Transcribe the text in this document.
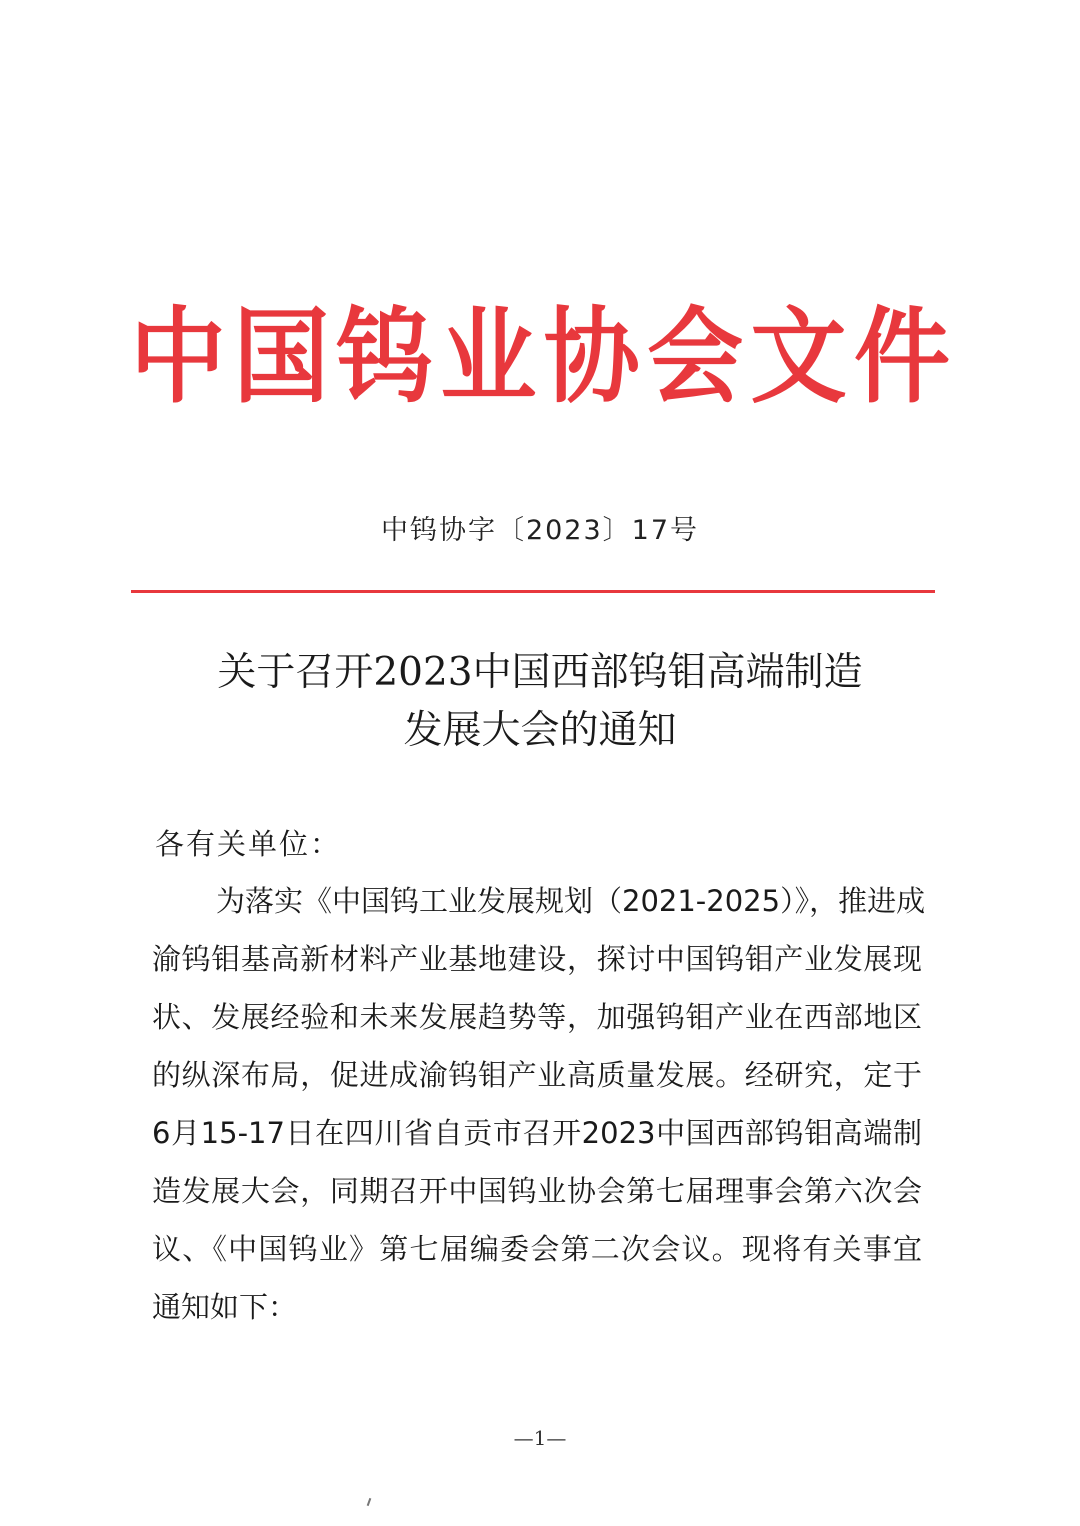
中 国 钨 业 协 会 文 件
中钨协字〔2023〕17号
关于召开2023中国西部钨钼高端制造
发展大会的通知
各有关单位：
为落实《中国钨工业发展规划（2021-2025）》，推进成
渝钨钼基高新材料产业基地建设，探讨中国钨钼产业发展现
状、发展经验和未来发展趋势等，加强钨钼产业在西部地区
的纵深布局，促进成渝钨钼产业高质量发展。经研究，定于
6月15-17日在四川省自贡市召开2023中国西部钨钼高端制
造发展大会，同期召开中国钨业协会第七届理事会第六次会
议、《中国钨业》第七届编委会第二次会议。现将有关事宜
通知如下：
—1—
